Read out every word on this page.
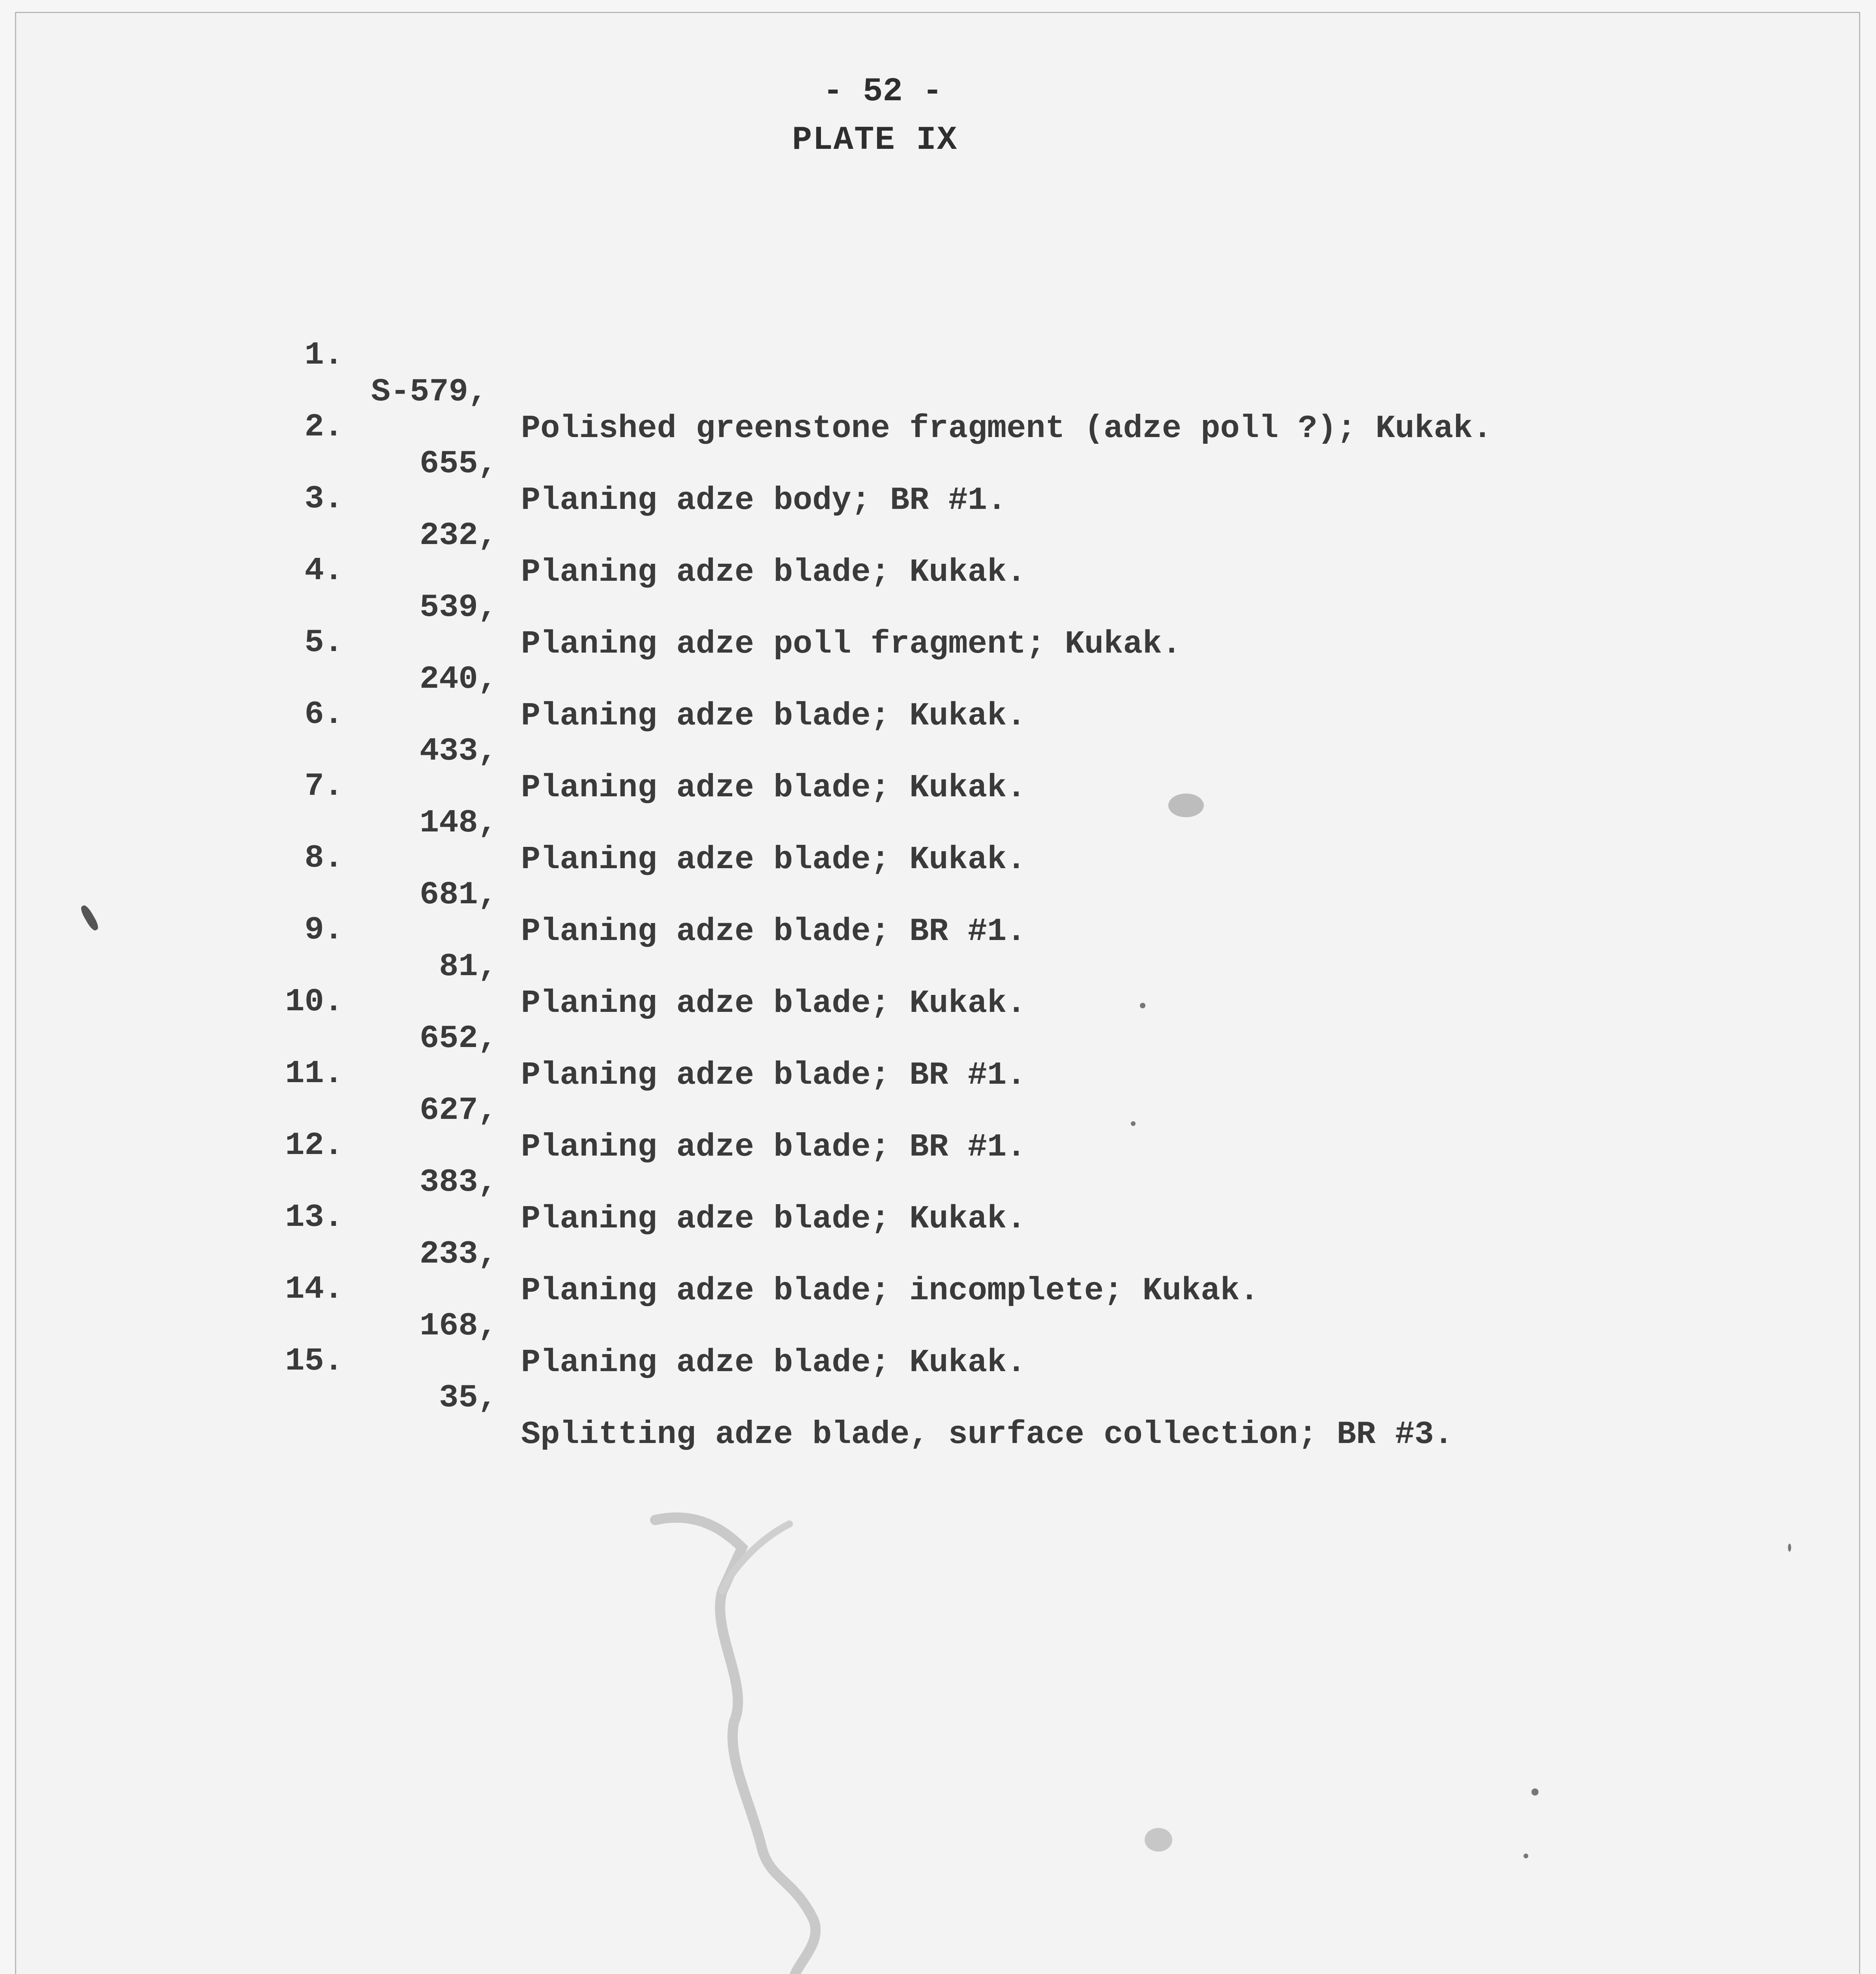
- 52 -
PLATE IX

1.

S-579,

Polished greenstone fragment (adze poll ?); Kukak.

2.

655,

Planing adze body; BR #1.

3.

232,

Planing adze blade; Kukak.

4.

539,

Planing adze poll fragment; Kukak.

5.

240,

Planing adze blade; Kukak.

6.

433,

Planing adze blade; Kukak.

7.

148,

Planing adze blade; Kukak.

8.

681,

Planing adze blade; BR #1.

9.

81,

Planing adze blade; Kukak.

10.

652,

Planing adze blade; BR #1.

11.

627,

Planing adze blade; BR #1.

12.

383,

Planing adze blade; Kukak.

13.

233,

Planing adze blade; incomplete; Kukak.

14.

168,

Planing adze blade; Kukak.

15.

35,

Splitting adze blade, surface collection; BR #3.
